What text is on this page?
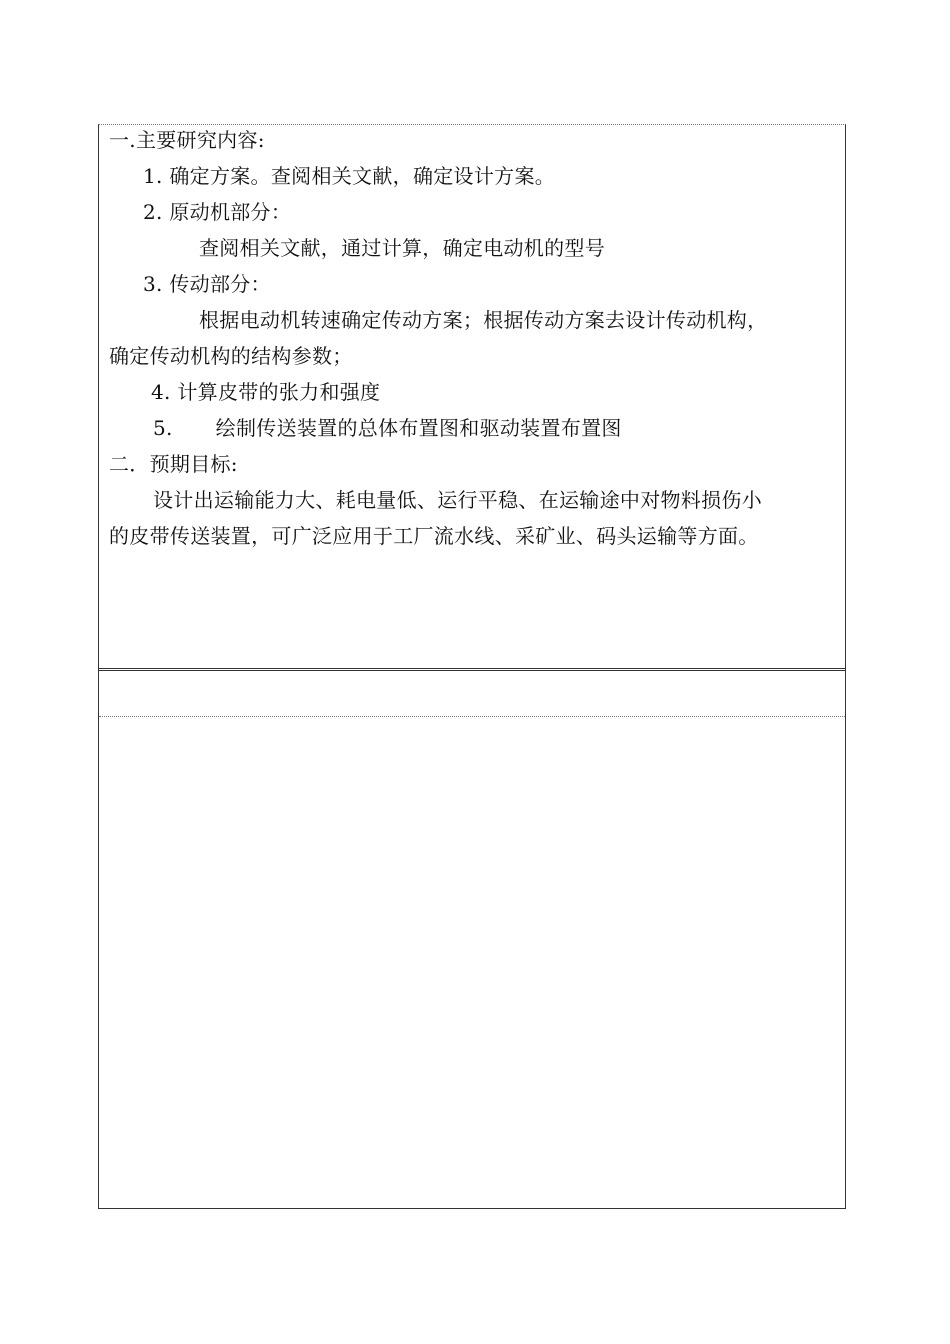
一.主要研究内容:
1. 确定方案。查阅相关文献，确定设计方案。
2. 原动机部分：
查阅相关文献，通过计算，确定电动机的型号
3. 传动部分：
根据电动机转速确定传动方案；根据传动方案去设计传动机构，
确定传动机构的结构参数；
4. 计算皮带的张力和强度
5. 绘制传送装置的总体布置图和驱动装置布置图
二．预期目标:
设计出运输能力大、耗电量低、运行平稳、在运输途中对物料损伤小
的皮带传送装置，可广泛应用于工厂流水线、采矿业、码头运输等方面。
